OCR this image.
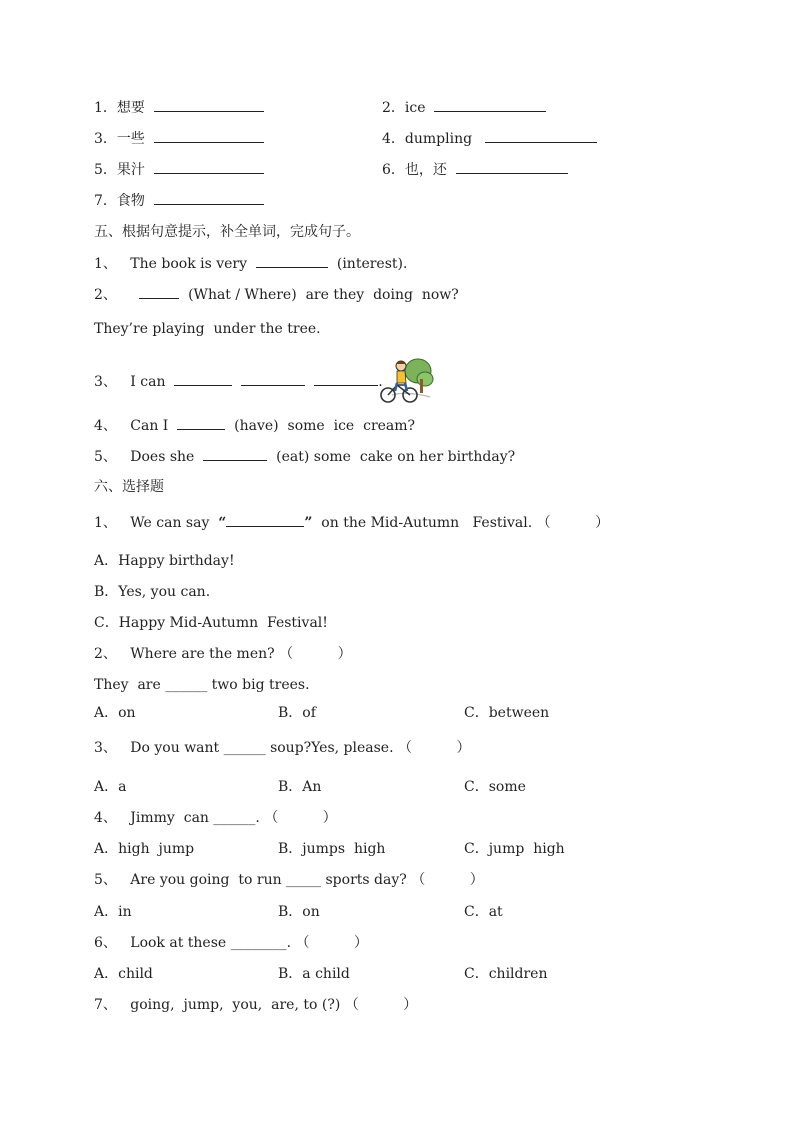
1．想要	2．ice
3．一些	4．dumpling
5．果汁	6．也，还
7．食物
五、根据句意提示，补全单词，完成句子。
1、 The book is very	(interest).
2、	(What / Where)  are they  doing  now?
They’re playing  under the tree.
3、 I can	.
4、 Can I	(have)  some  ice  cream?
5、 Does she	(eat) some  cake on her birthday?
六、选择题
1、 We can say “	” on the Mid-Autumn   Festival. （          ）
A．Happy birthday!
B．Yes, you can.
C．Happy Mid-Autumn  Festival!
2、 Where are the men? （          ）
They  are ______ two big trees.
A．on	B．of	C．between
3、 Do you want ______ soup?Yes, please. （          ）
A．a	B．An	C．some
4、 Jimmy  can ______. （          ）
A．high  jump	B．jumps  high	C．jump  high
5、 Are you going  to run _____ sports day? （          ）
A．in	B．on	C．at
6、 Look at these ________. （          ）
A．child	B．a child	C．children
7、 going,  jump,  you,  are, to (?) （          ）
